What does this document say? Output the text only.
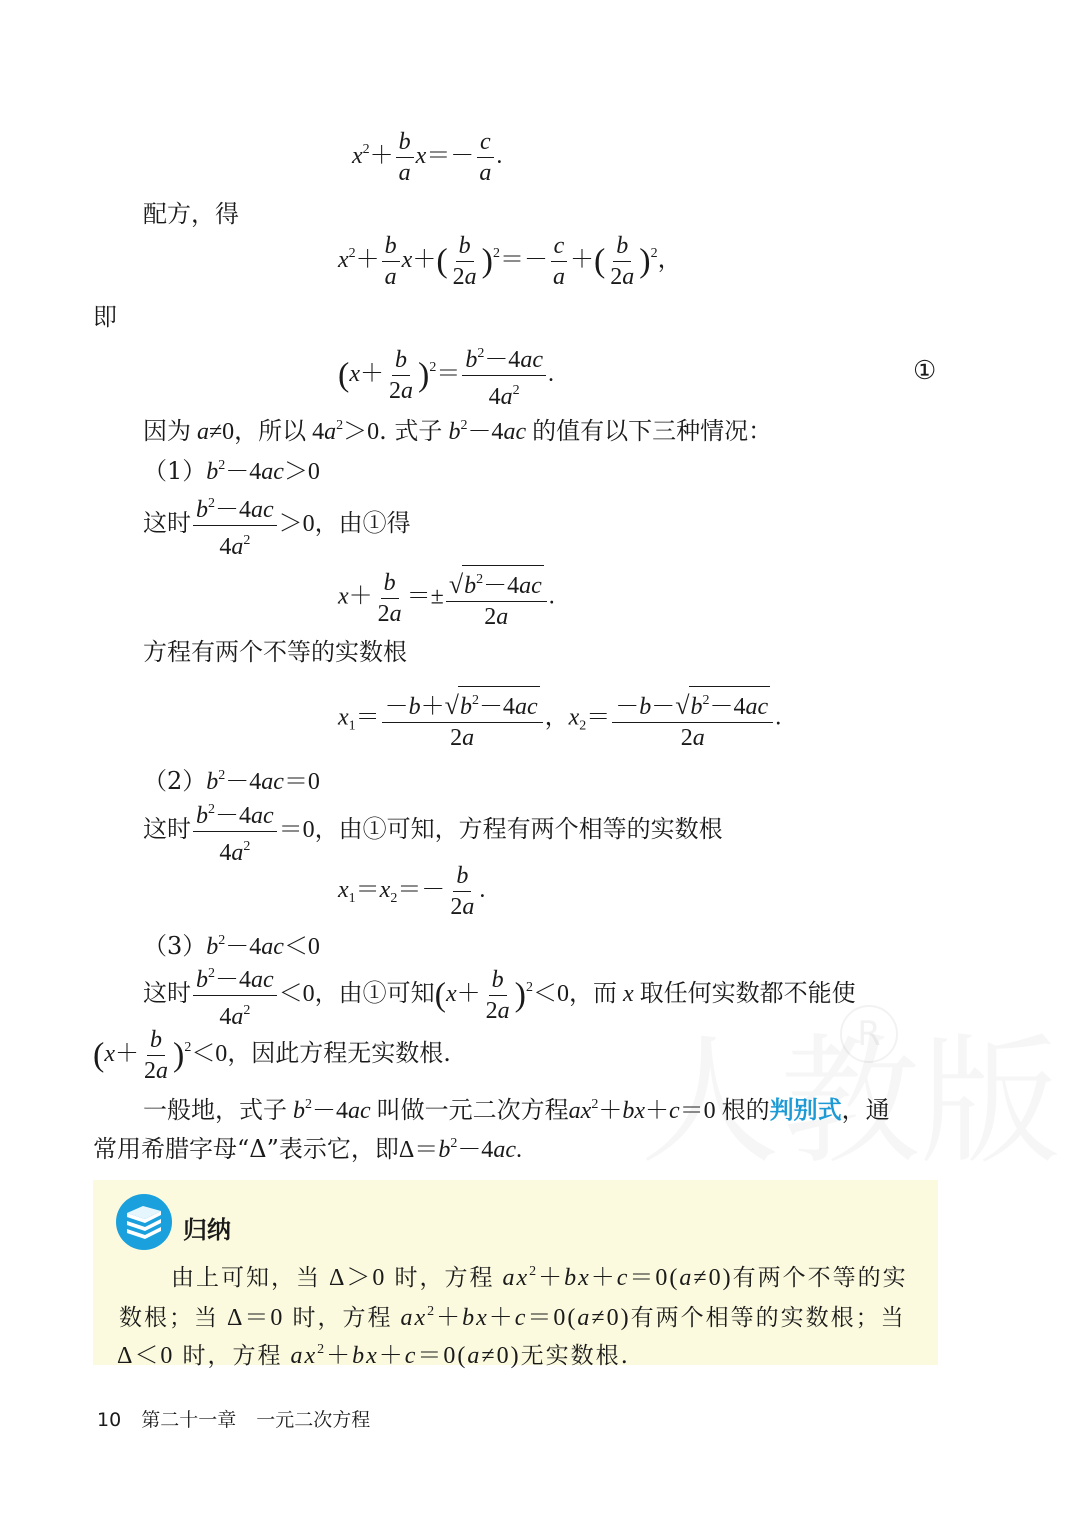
R
$x^2+ \frac{b}{a} x=- \frac{c}{a}$ .
配方，得
$x^2+ \frac{b}{a} x+( \frac{b}{2a} )^2=- \frac{c}{a}$ ＋( $\frac{b}{2a} )^2$，
即
$(x+ \frac{b}{2a} )^2= \frac{b^2-4ac}{4a^2}$ .	①
因为 a≠0，所以 $4a^2>0$. 式子 $b^2-4ac$ 的值有以下三种情况：
$(1)b^2-4ac>0$
这时 $\frac{b^2-4ac}{4a^2} >0$，由①得
$x+ \frac{b}{2a} =\pm \frac{√b^2-4ac}{2a}$ .
方程有两个不等的实数根
$x_1= \frac{-b+√b^2-4ac}{2a}$ ，$x_2= \frac{-b-√b^2-4ac}{2a}$ .
$(2)b^2-4ac=0$
这时 $\frac{b^2-4ac}{4a^2} =0$，由①可知，方程有两个相等的实数根
$x_1=x_2=- \frac{b}{2a}$ .
$(3)b^2-4ac<0$
这时 $\frac{b^2-4ac}{4a^2} <0$，由①可知$(x+ \frac{b}{2a} )^2<0$，而 x 取任何实数都不能使
$(x+ \frac{b}{2a} )^2<0$，因此方程无实数根.
一般地，式子 $b^2-4ac$ 叫做一元二次方程$ax^2+bx+c=0$ 根的判别式，通
常用希腊字母“Δ”表示它，即$\Delta=b^2-4ac$.
归纳
由上可知，当 Δ＞0 时，方程 $ax^2+bx+c=0(a\ne 0)$有两个不等的实
数根；当 Δ＝0 时，方程 $ax^2+bx+c=0(a\ne 0)$有两个相等的实数根；当
Δ＜0 时，方程 $ax^2+bx+c=0(a\ne 0)$无实数根.
10 第二十一章 一元二次方程
